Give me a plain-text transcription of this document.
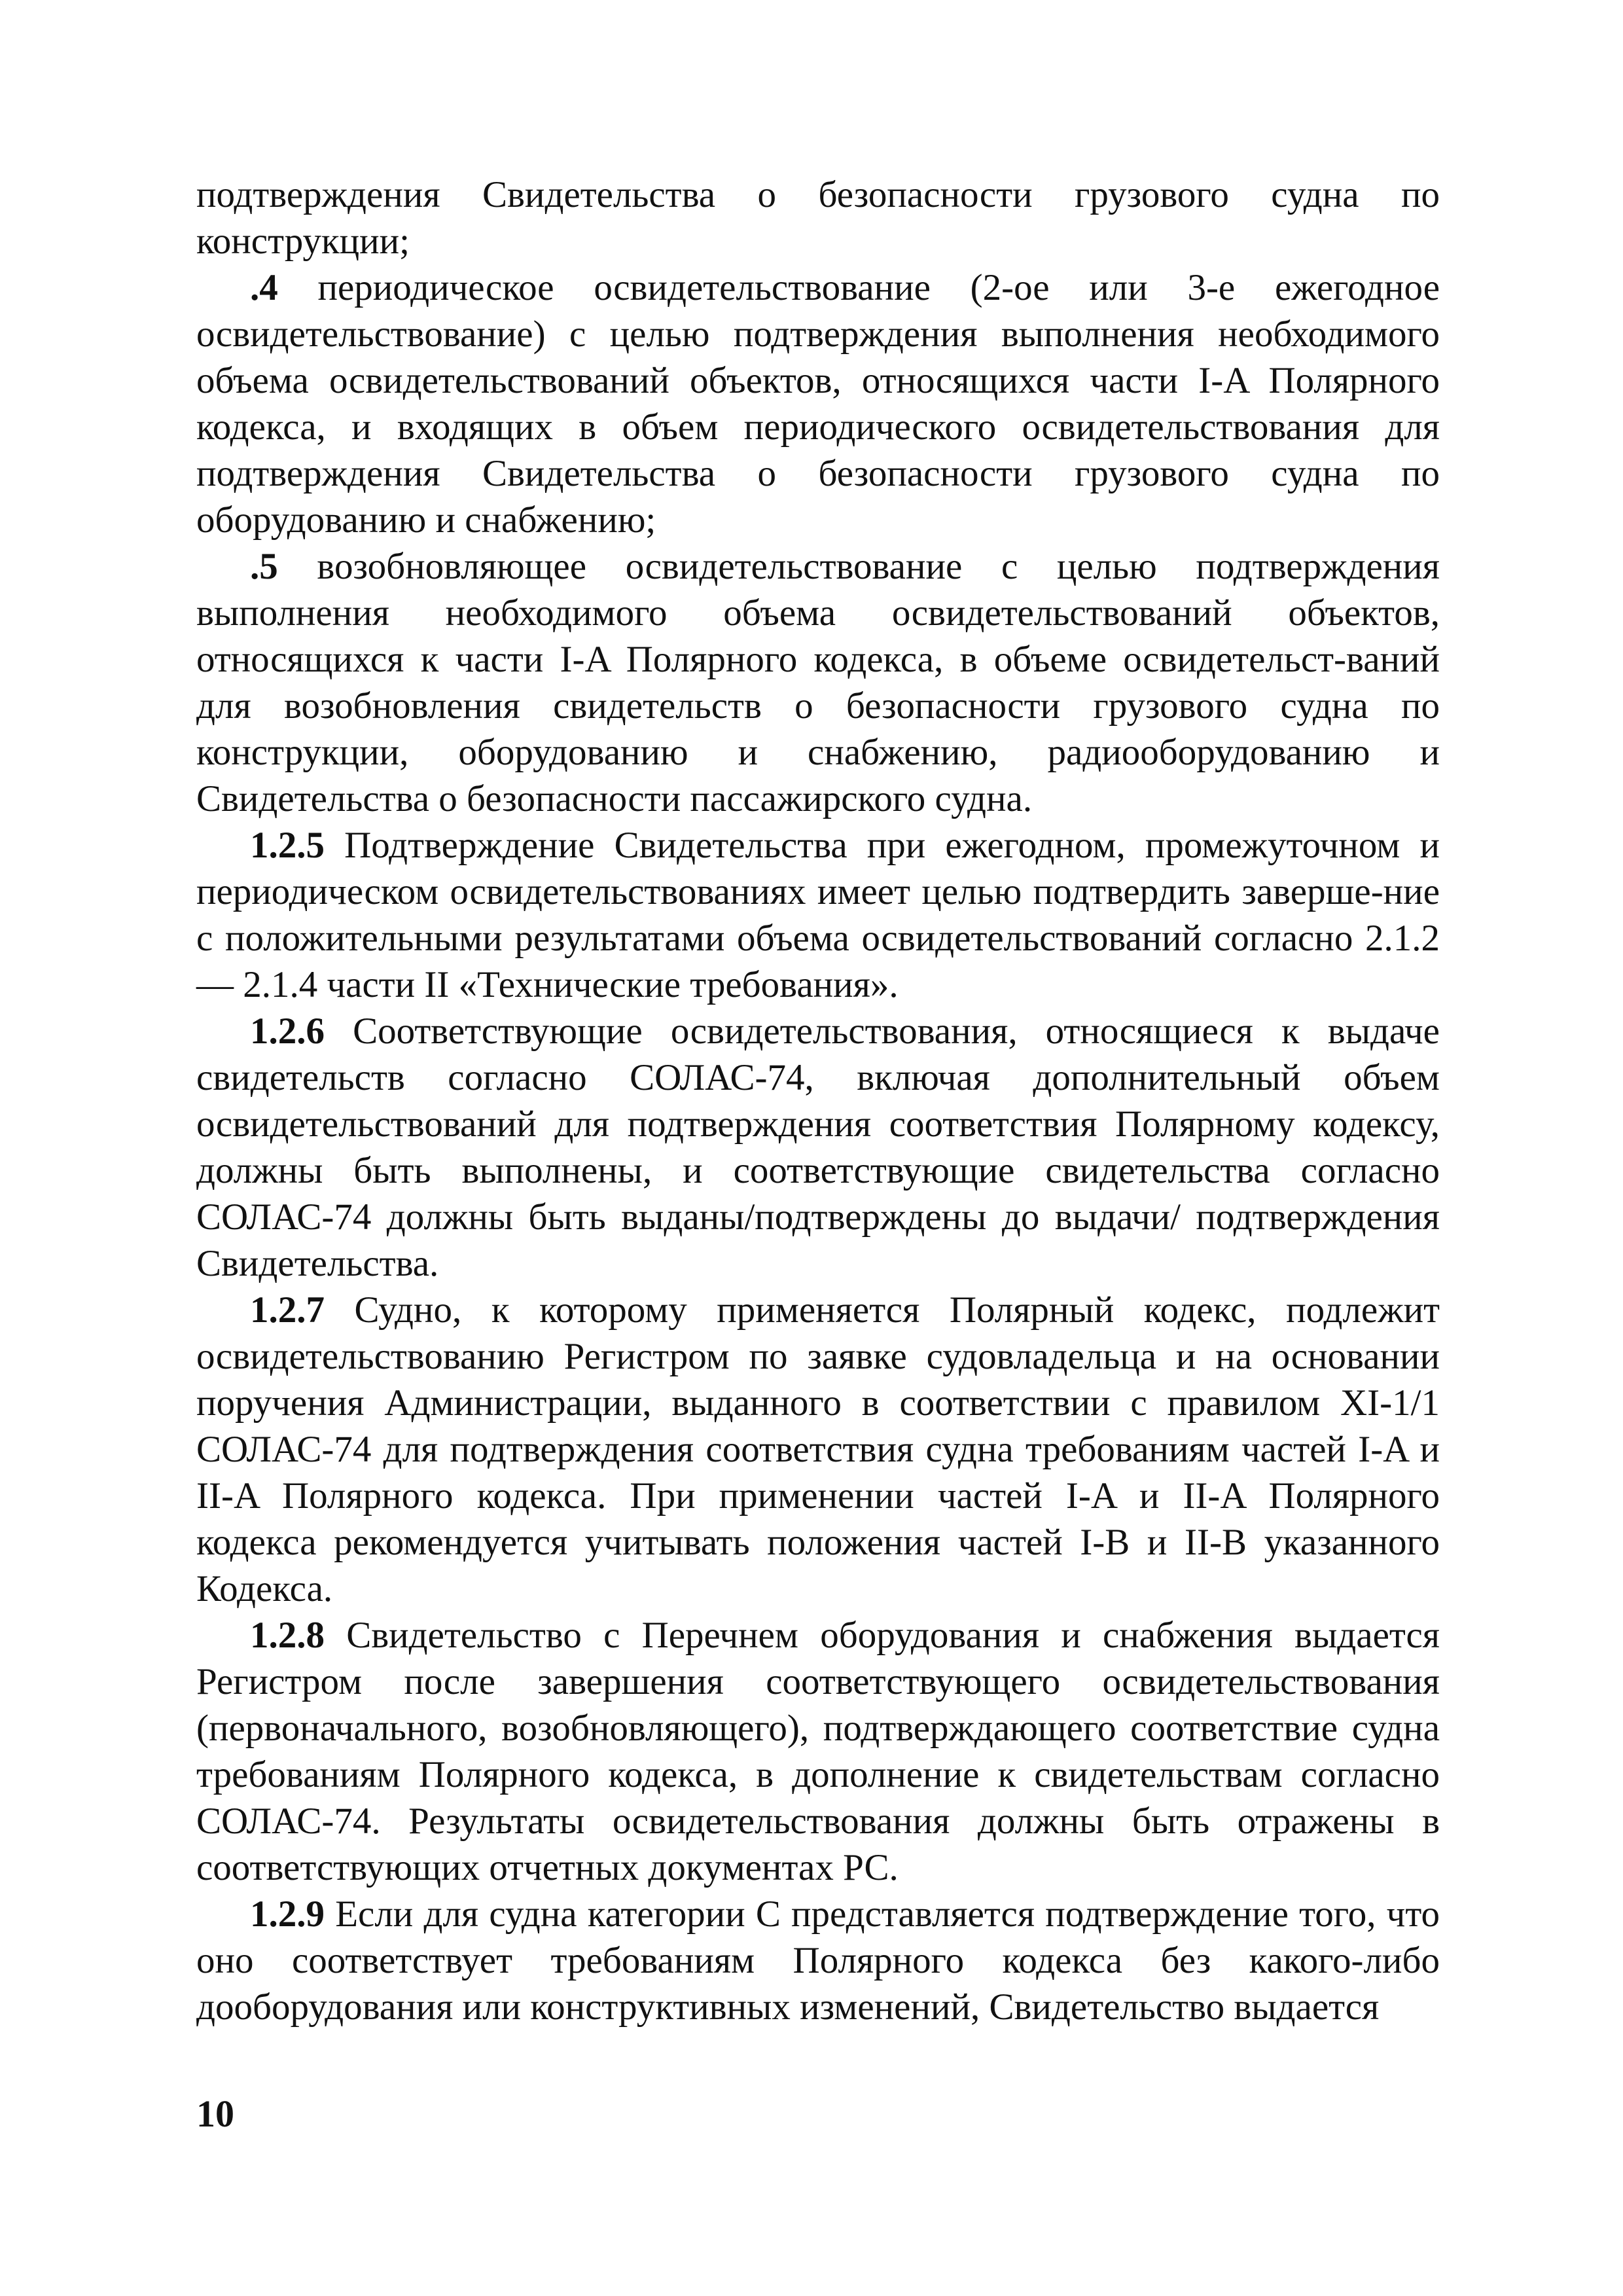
подтверждения Свидетельства о безопасности грузового судна по конструкции;

.4 периодическое освидетельствование (2-ое или 3-е ежегодное освидетельствование) с целью подтверждения выполнения необходимого объема освидетельствований объектов, относящихся части I-A Полярного кодекса, и входящих в объем периодического освидетельствования для подтверждения Свидетельства о безопасности грузового судна по оборудованию и снабжению;

.5 возобновляющее освидетельствование с целью подтверждения выполнения необходимого объема освидетельствований объектов, относящихся к части I-A Полярного кодекса, в объеме освидетельст-ваний для возобновления свидетельств о безопасности грузового судна по конструкции, оборудованию и снабжению, радиооборудованию и Свидетельства о безопасности пассажирского судна.

1.2.5 Подтверждение Свидетельства при ежегодном, промежуточном и периодическом освидетельствованиях имеет целью подтвердить заверше-ние с положительными результатами объема освидетельствований согласно 2.1.2 — 2.1.4 части II «Технические требования».

1.2.6 Соответствующие освидетельствования, относящиеся к выдаче свидетельств согласно СОЛАС-74, включая дополнительный объем освидетельствований для подтверждения соответствия Полярному кодексу, должны быть выполнены, и соответствующие свидетельства согласно СОЛАС-74 должны быть выданы/подтверждены до выдачи/ подтверждения Свидетельства.

1.2.7 Судно, к которому применяется Полярный кодекс, подлежит освидетельствованию Регистром по заявке судовладельца и на основании поручения Администрации, выданного в соответствии с правилом XI-1/1 СОЛАС-74 для подтверждения соответствия судна требованиям частей I-A и II-A Полярного кодекса. При применении частей I-A и II-A Полярного кодекса рекомендуется учитывать положения частей I-B и II-B указанного Кодекса.

1.2.8 Свидетельство с Перечнем оборудования и снабжения выдается Регистром после завершения соответствующего освидетельствования (первоначального, возобновляющего), подтверждающего соответствие судна требованиям Полярного кодекса, в дополнение к свидетельствам согласно СОЛАС-74. Результаты освидетельствования должны быть отражены в соответствующих отчетных документах РС.

1.2.9 Если для судна категории C представляется подтверждение того, что оно соответствует требованиям Полярного кодекса без какого-либо дооборудования или конструктивных изменений, Свидетельство выдается

10
